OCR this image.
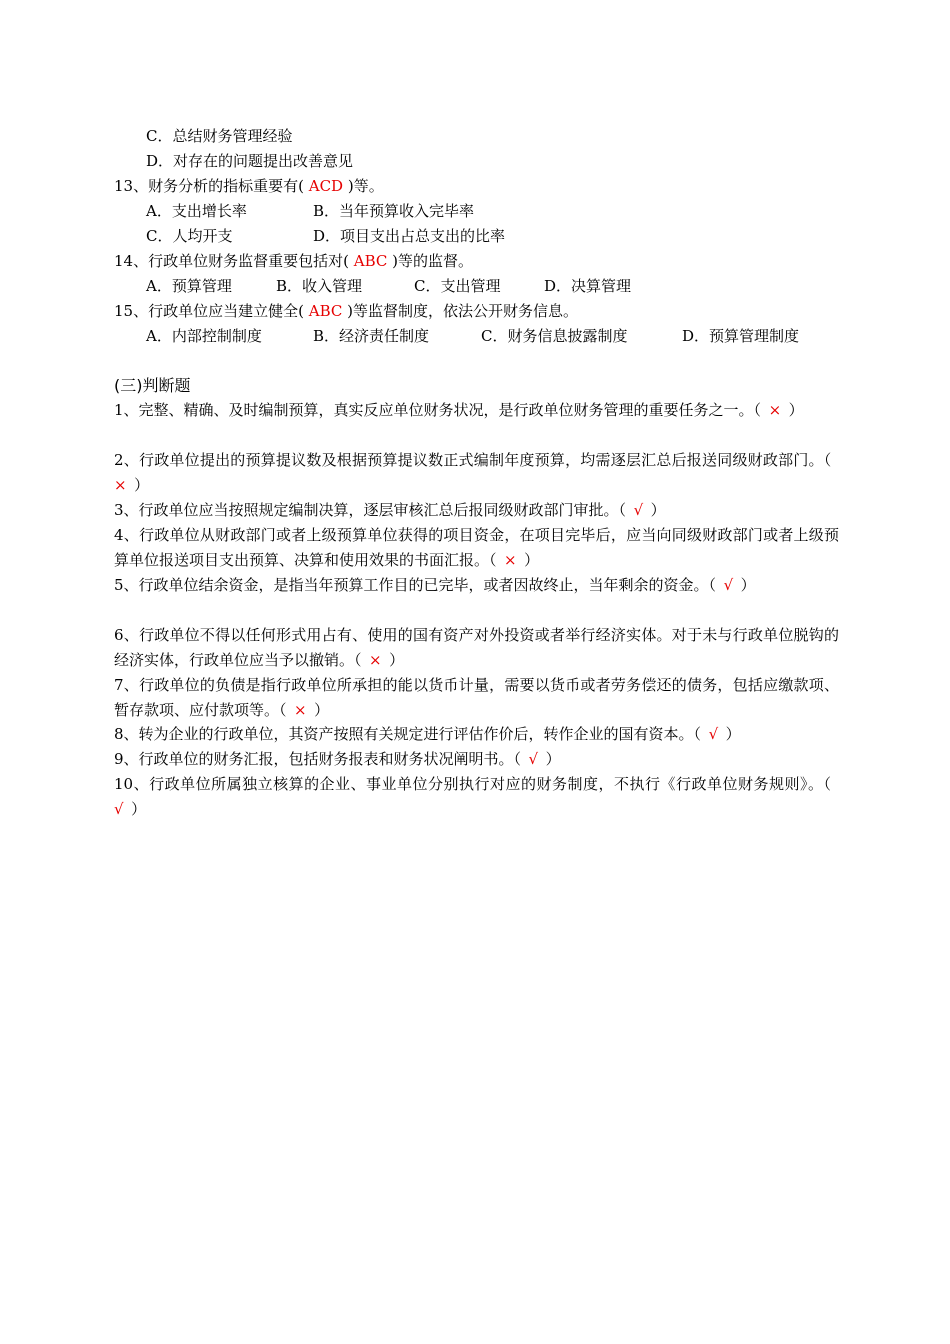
C．总结财务管理经验
D．对存在的问题提出改善意见
13、财务分析的指标重要有( ACD )等。
A．支出增长率	B．当年预算收入完毕率
C．人均开支	D．项目支出占总支出的比率
14、行政单位财务监督重要包括对( ABC )等的监督。
A．预算管理	B．收入管理	C．支出管理	D．决算管理
15、行政单位应当建立健全( ABC )等监督制度，依法公开财务信息。
A．内部控制制度	B．经济责任制度	C．财务信息披露制度	D．预算管理制度
(三)判断题
1、完整、精确、及时编制预算，真实反应单位财务状况，是行政单位财务管理的重要任务之一。（  ×  ）
2、行政单位提出的预算提议数及根据预算提议数正式编制年度预算，均需逐层汇总后报送同级财政部门。（ ×  ）
3、行政单位应当按照规定编制决算，逐层审核汇总后报同级财政部门审批。（  √  ）
4、行政单位从财政部门或者上级预算单位获得的项目资金，在项目完毕后，应当向同级财政部门或者上级预算单位报送项目支出预算、决算和使用效果的书面汇报。（  ×  ）
5、行政单位结余资金，是指当年预算工作目的已完毕，或者因故终止，当年剩余的资金。（  √  ）
6、行政单位不得以任何形式用占有、使用的国有资产对外投资或者举行经济实体。对于未与行政单位脱钩的经济实体，行政单位应当予以撤销。（  ×  ）
7、行政单位的负债是指行政单位所承担的能以货币计量，需要以货币或者劳务偿还的债务，包括应缴款项、暂存款项、应付款项等。（  ×  ）
8、转为企业的行政单位，其资产按照有关规定进行评估作价后，转作企业的国有资本。（  √  ）
9、行政单位的财务汇报，包括财务报表和财务状况阐明书。（  √  ）
10、行政单位所属独立核算的企业、事业单位分别执行对应的财务制度，不执行《行政单位财务规则》。（ √  ）
